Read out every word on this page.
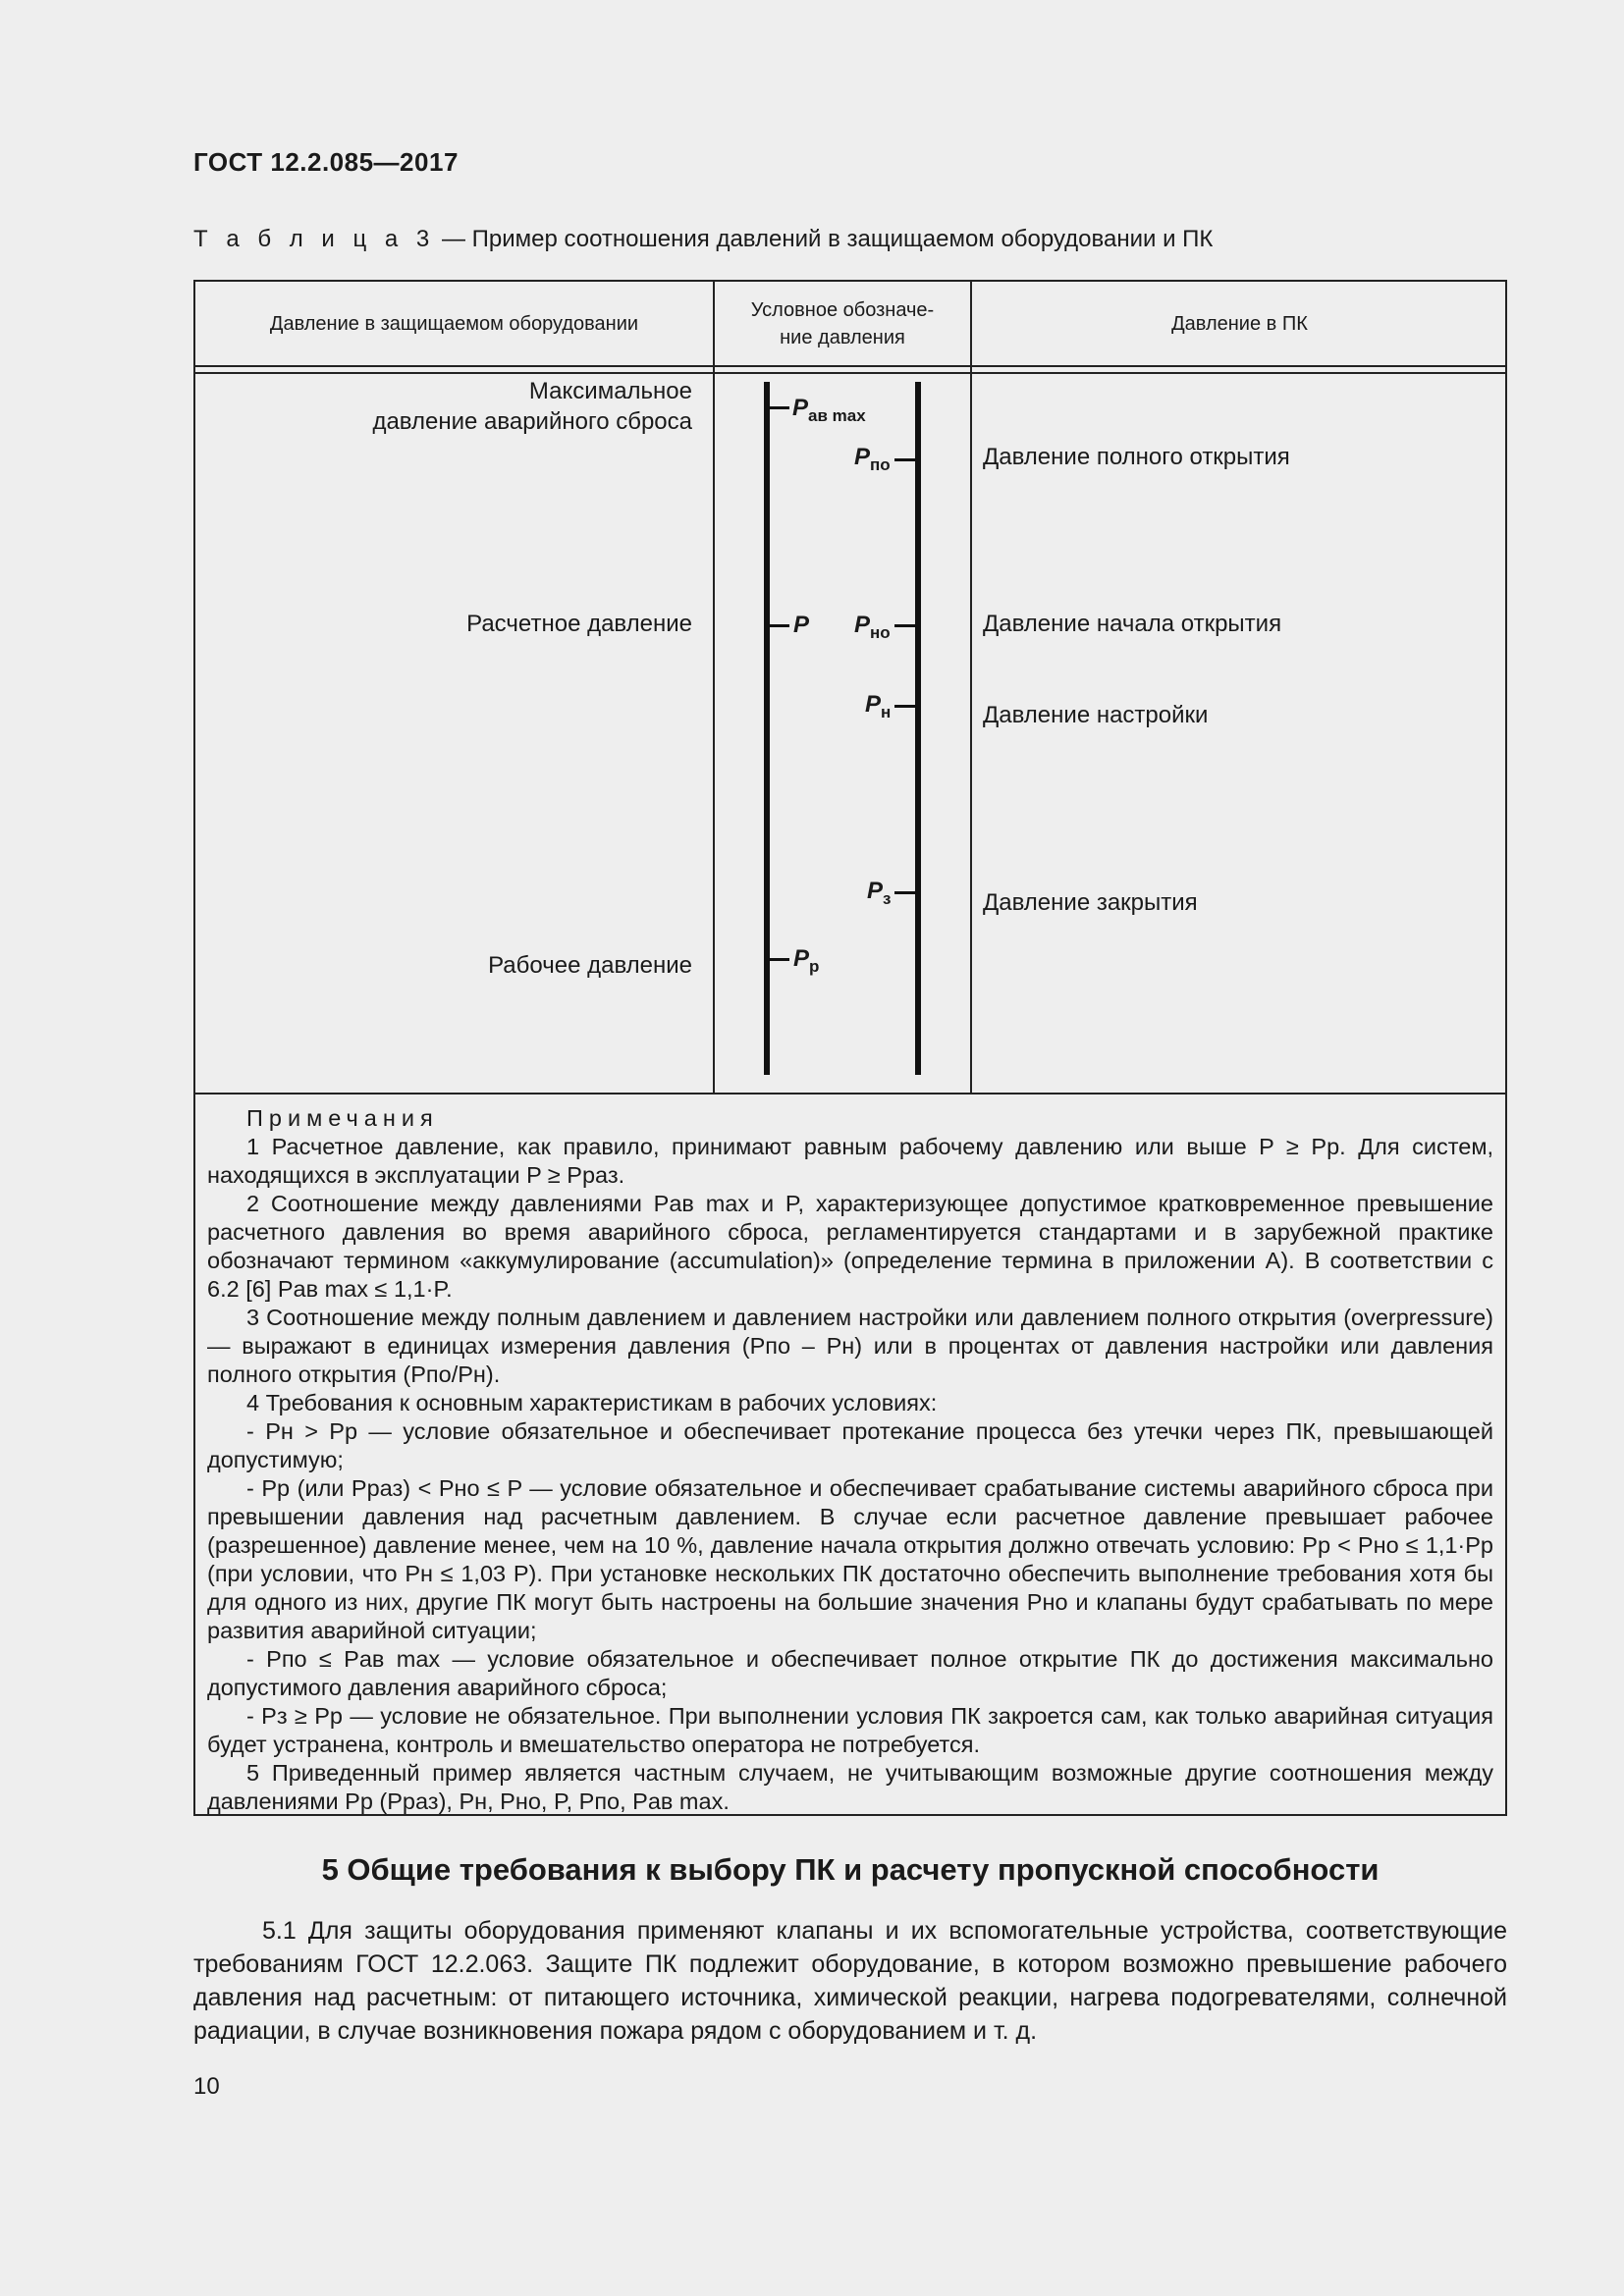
ГОСТ 12.2.085—2017
Т а б л и ц а 3 — Пример соотношения давлений в защищаемом оборудовании и ПК
Давление в защищаемом оборудовании
Условное обозначе-
ние давления
Давление в ПК
Максимальное
давление аварийного сброса
Расчетное давление
Рабочее давление
Давление полного открытия
Давление начала открытия
Давление настройки
Давление закрытия
$P_{ав max}$
P
$P_р$
$P_{по}$
$P_{но}$
$P_н$
$P_з$

Примечания

1 Расчетное давление, как правило, принимают равным рабочему давлению или выше P ≥ Pр. Для систем, находящихся в эксплуатации P ≥ Pраз.

2 Соотношение между давлениями Pав max и P, характеризующее допустимое кратковременное превышение расчетного давления во время аварийного сброса, регламентируется стандартами и в зарубежной практике обозначают термином «аккумулирование (accumulation)» (определение термина в приложении А). В соответствии с 6.2 [6] Pав max ≤ 1,1·P.

3 Соотношение между полным давлением и давлением настройки или давлением полного открытия (overpressure) — выражают в единицах измерения давления (Pпо – Pн) или в процентах от давления настройки или давления полного открытия (Pпо/Pн).

4 Требования к основным характеристикам в рабочих условиях:

- Pн > Pр — условие обязательное и обеспечивает протекание процесса без утечки через ПК, превышающей допустимую;

- Pр (или Pраз) < Pно ≤ P — условие обязательное и обеспечивает срабатывание системы аварийного сброса при превышении давления над расчетным давлением. В случае если расчетное давление превышает рабочее (разрешенное) давление менее, чем на 10 %, давление начала открытия должно отвечать условию: Pр < Pно ≤ 1,1·Pр (при условии, что Pн ≤ 1,03 P). При установке нескольких ПК достаточно обеспечить выполнение требования хотя бы для одного из них, другие ПК могут быть настроены на большие значения Pно и клапаны будут срабатывать по мере развития аварийной ситуации;

- Pпо ≤ Pав max — условие обязательное и обеспечивает полное открытие ПК до достижения максимально допустимого давления аварийного сброса;

- Pз ≥ Pр — условие не обязательное. При выполнении условия ПК закроется сам, как только аварийная ситуация будет устранена, контроль и вмешательство оператора не потребуется.

5 Приведенный пример является частным случаем, не учитывающим возможные другие соотношения между давлениями Pр (Pраз), Pн, Pно, P, Pпо, Pав max.

5 Общие требования к выбору ПК и расчету пропускной способности
5.1 Для защиты оборудования применяют клапаны и их вспомогательные устройства, соответствующие требованиям ГОСТ 12.2.063. Защите ПК подлежит оборудование, в котором возможно превышение рабочего давления над расчетным: от питающего источника, химической реакции, нагрева подогревателями, солнечной радиации, в случае возникновения пожара рядом с оборудованием и т. д.
10
